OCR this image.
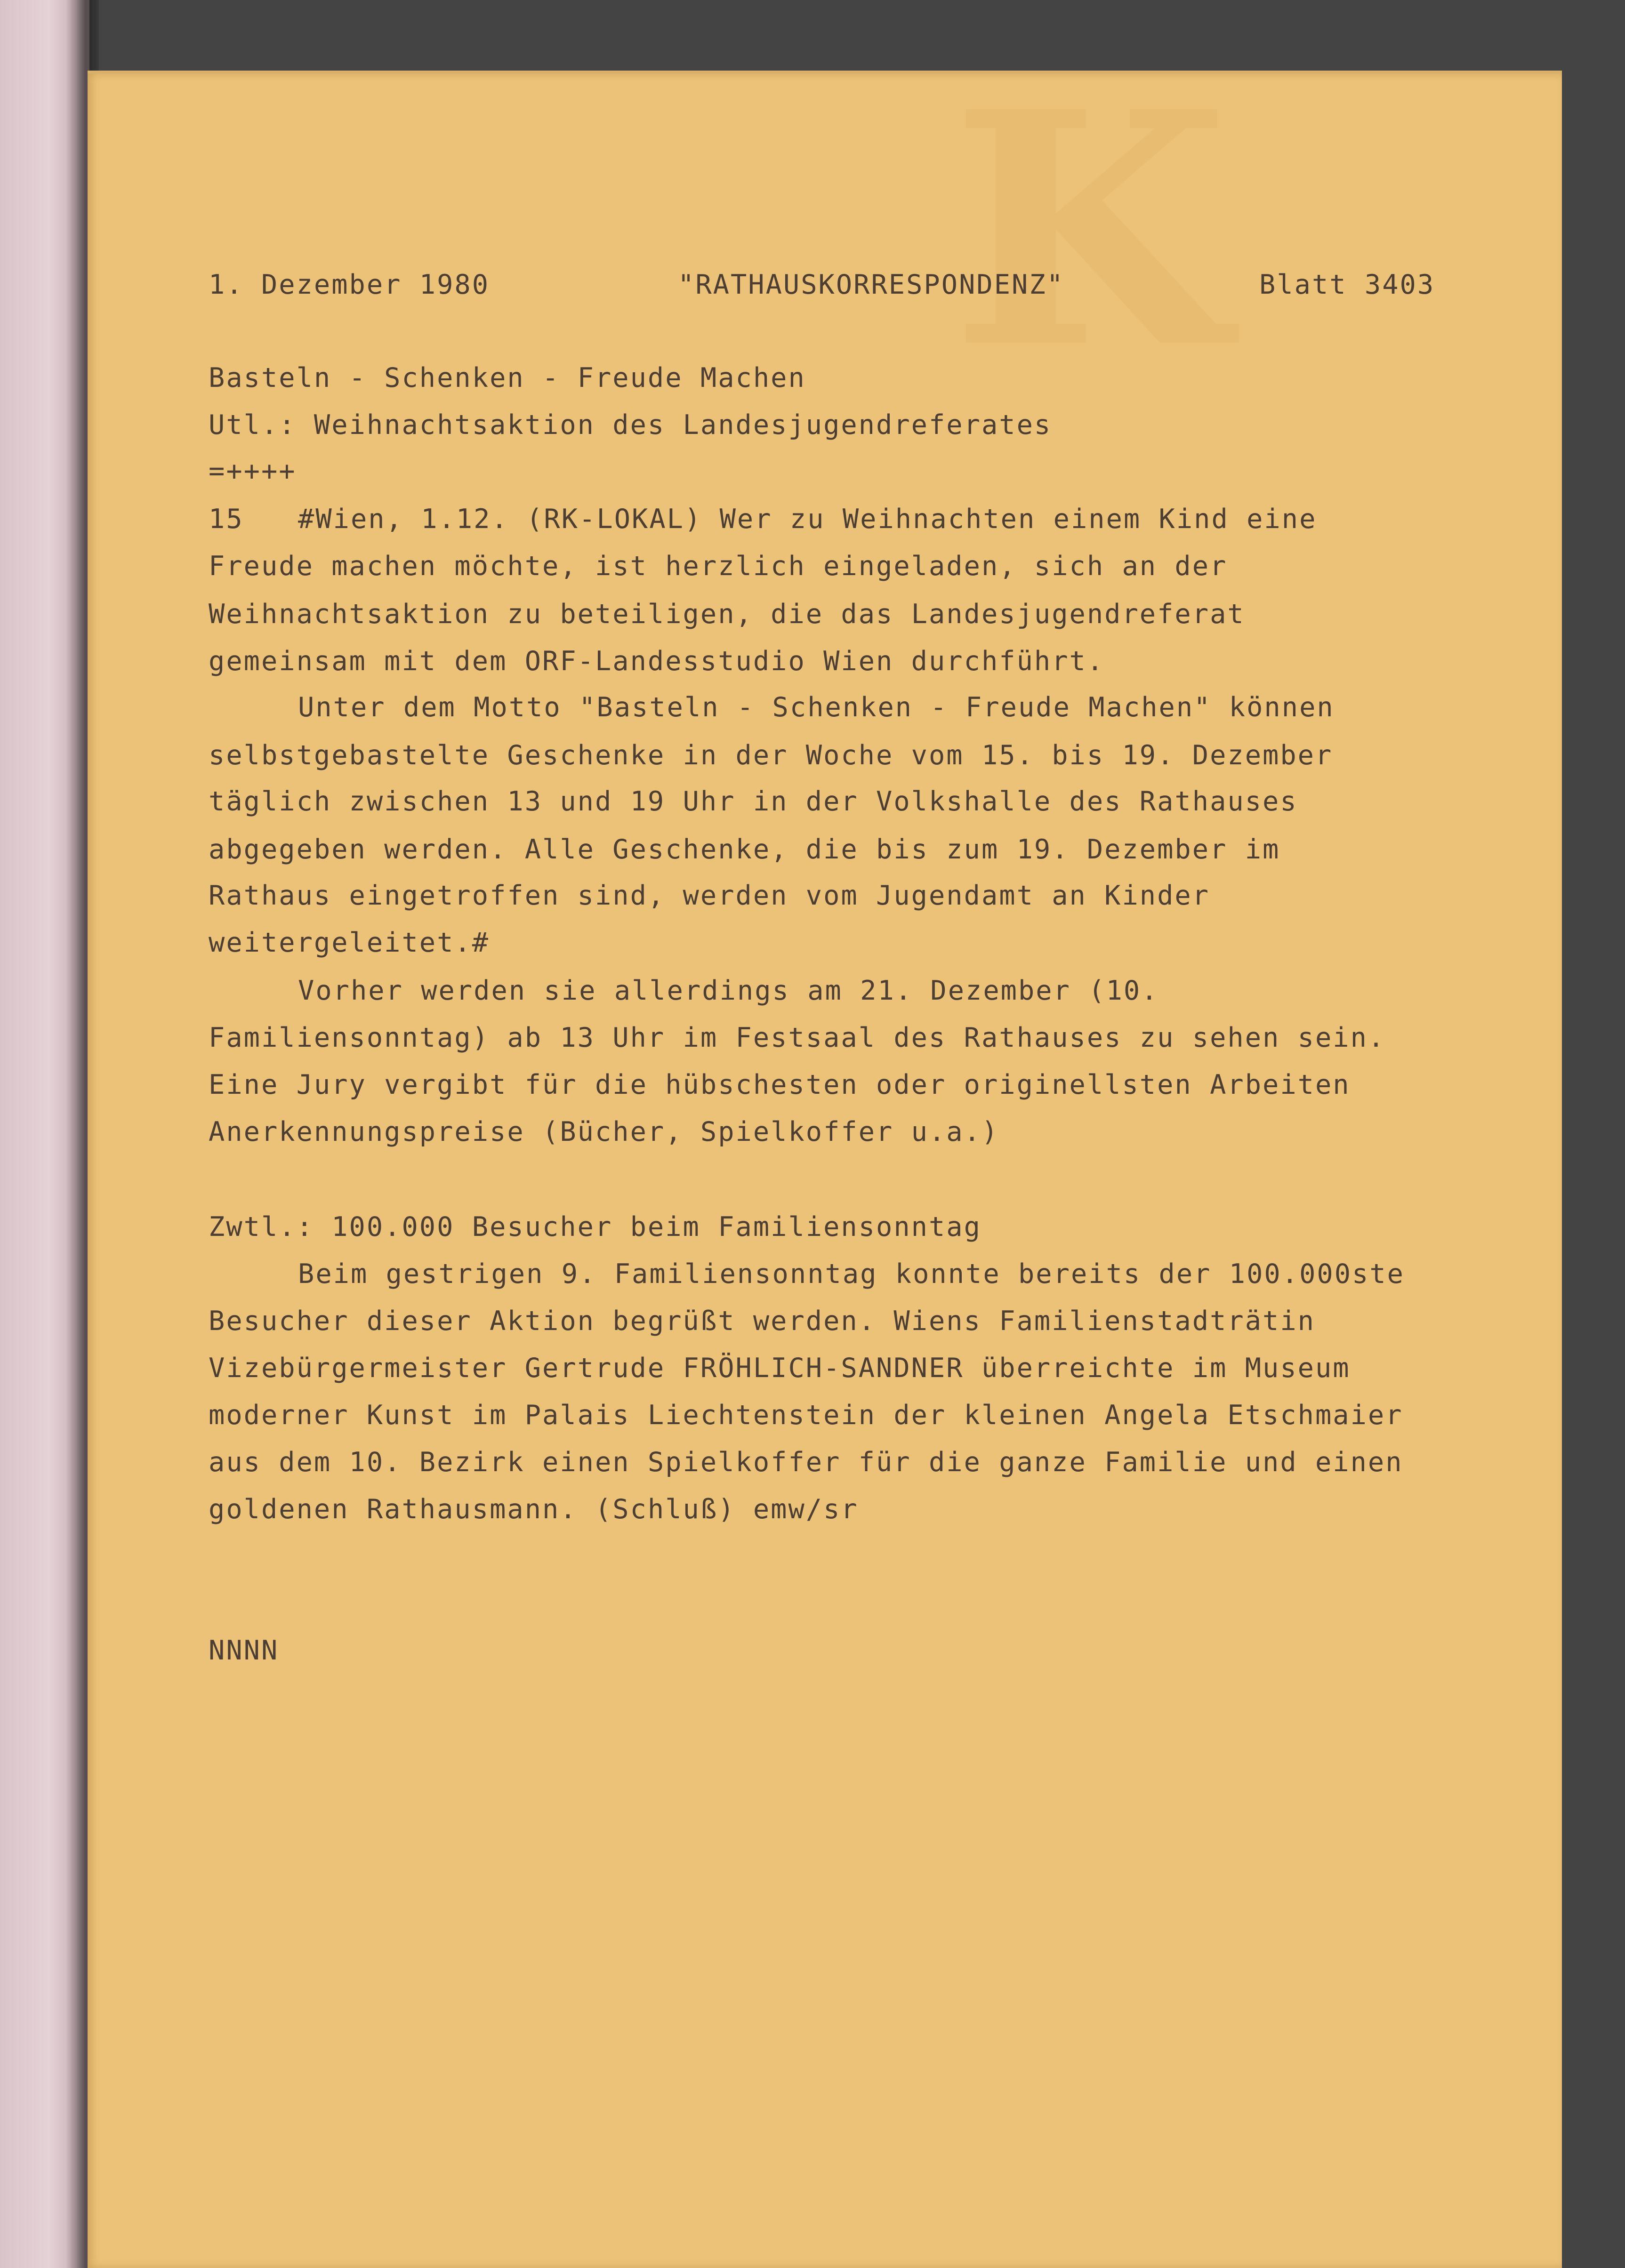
K
1. Dezember 1980	"RATHAUSKORRESPONDENZ"	Blatt 3403
Basteln - Schenken - Freude Machen
Utl.: Weihnachtsaktion des Landesjugendreferates
=++++
15 #Wien, 1.12. (RK-LOKAL) Wer zu Weihnachten einem Kind eine
Freude machen möchte, ist herzlich eingeladen, sich an der
Weihnachtsaktion zu beteiligen, die das Landesjugendreferat
gemeinsam mit dem ORF-Landesstudio Wien durchführt.
Unter dem Motto "Basteln - Schenken - Freude Machen" können
selbstgebastelte Geschenke in der Woche vom 15. bis 19. Dezember
täglich zwischen 13 und 19 Uhr in der Volkshalle des Rathauses
abgegeben werden. Alle Geschenke, die bis zum 19. Dezember im
Rathaus eingetroffen sind, werden vom Jugendamt an Kinder
weitergeleitet.#
Vorher werden sie allerdings am 21. Dezember (10.
Familiensonntag) ab 13 Uhr im Festsaal des Rathauses zu sehen sein.
Eine Jury vergibt für die hübschesten oder originellsten Arbeiten
Anerkennungspreise (Bücher, Spielkoffer u.a.)
Zwtl.: 100.000 Besucher beim Familiensonntag
Beim gestrigen 9. Familiensonntag konnte bereits der 100.000ste
Besucher dieser Aktion begrüßt werden. Wiens Familienstadträtin
Vizebürgermeister Gertrude FRÖHLICH-SANDNER überreichte im Museum
moderner Kunst im Palais Liechtenstein der kleinen Angela Etschmaier
aus dem 10. Bezirk einen Spielkoffer für die ganze Familie und einen
goldenen Rathausmann. (Schluß) emw/sr
NNNN
